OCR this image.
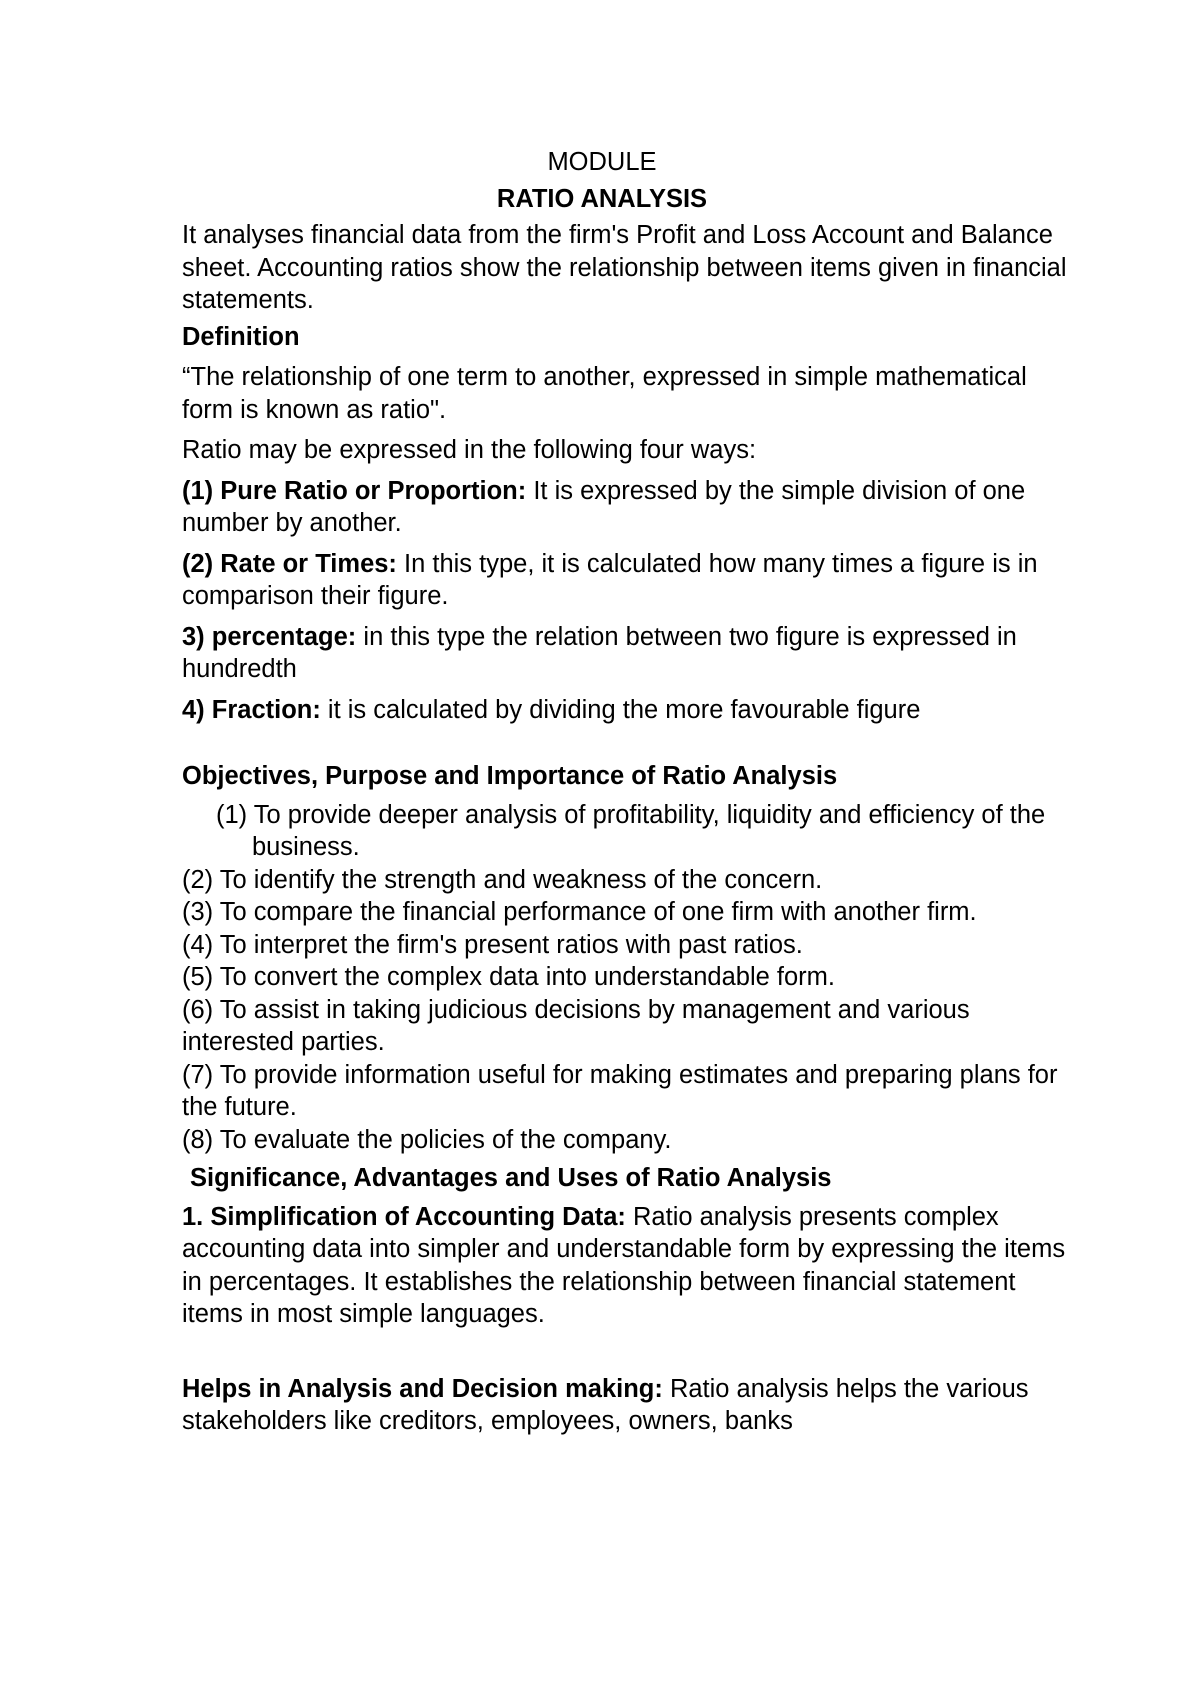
MODULE

RATIO ANALYSIS

It analyses financial data from the firm's Profit and Loss Account and Balance sheet. Accounting ratios show the relationship between items given in financial statements.

Definition

“The relationship of one term to another, expressed in simple mathematical form is known as ratio".

Ratio may be expressed in the following four ways:

(1) Pure Ratio or Proportion: It is expressed by the simple division of one number by another.

(2) Rate or Times: In this type, it is calculated how many times a figure is in comparison their figure.

3) percentage: in this type the relation between two figure is expressed in hundredth

4) Fraction: it is calculated by dividing the more favourable figure

Objectives, Purpose and Importance of Ratio Analysis

(1) To provide deeper analysis of profitability, liquidity and efficiency of the business.
(2) To identify the strength and weakness of the concern.
(3) To compare the financial performance of one firm with another firm.
(4) To interpret the firm's present ratios with past ratios.
(5) To convert the complex data into understandable form.
(6) To assist in taking judicious decisions by management and various interested parties.
(7) To provide information useful for making estimates and preparing plans for the future.
(8) To evaluate the policies of the company.

Significance, Advantages and Uses of Ratio Analysis

1. Simplification of Accounting Data: Ratio analysis presents complex accounting data into simpler and understandable form by expressing the items in percentages. It establishes the relationship between financial statement items in most simple languages.

Helps in Analysis and Decision making: Ratio analysis helps the various stakeholders like creditors, employees, owners, banks
